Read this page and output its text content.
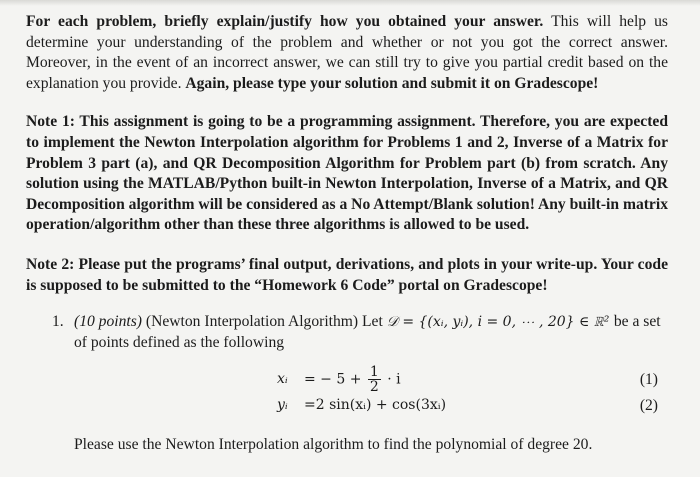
For each problem, briefly explain/justify how you obtained your answer. This will help us determine your understanding of the problem and whether or not you got the correct answer. Moreover, in the event of an incorrect answer, we can still try to give you partial credit based on the explanation you provide. Again, please type your solution and submit it on Gradescope!

Note 1: This assignment is going to be a programming assignment. Therefore, you are expected to implement the Newton Interpolation algorithm for Problems 1 and 2, Inverse of a Matrix for Problem 3 part (a), and QR Decomposition Algorithm for Problem part (b) from scratch. Any solution using the MATLAB/Python built-in Newton Interpolation, Inverse of a Matrix, and QR Decomposition algorithm will be considered as a No Attempt/Blank solution! Any built-in matrix operation/algorithm other than these three algorithms is allowed to be used.

Note 2: Please put the programs’ final output, derivations, and plots in your write-up. Your code is supposed to be submitted to the “Homework 6 Code” portal on Gradescope!

1. (10 points) (Newton Interpolation Algorithm) Let 𝒟 = {(xᵢ, yᵢ), i = 0, ⋯ , 20} ∈ ℝ² be a set of points defined as the following

xᵢ = − $5 + \frac{1}{2} \cdot i$	(1)
yᵢ =2 sin(xᵢ) + cos(3xᵢ)	(2)

Please use the Newton Interpolation algorithm to find the polynomial of degree 20.
